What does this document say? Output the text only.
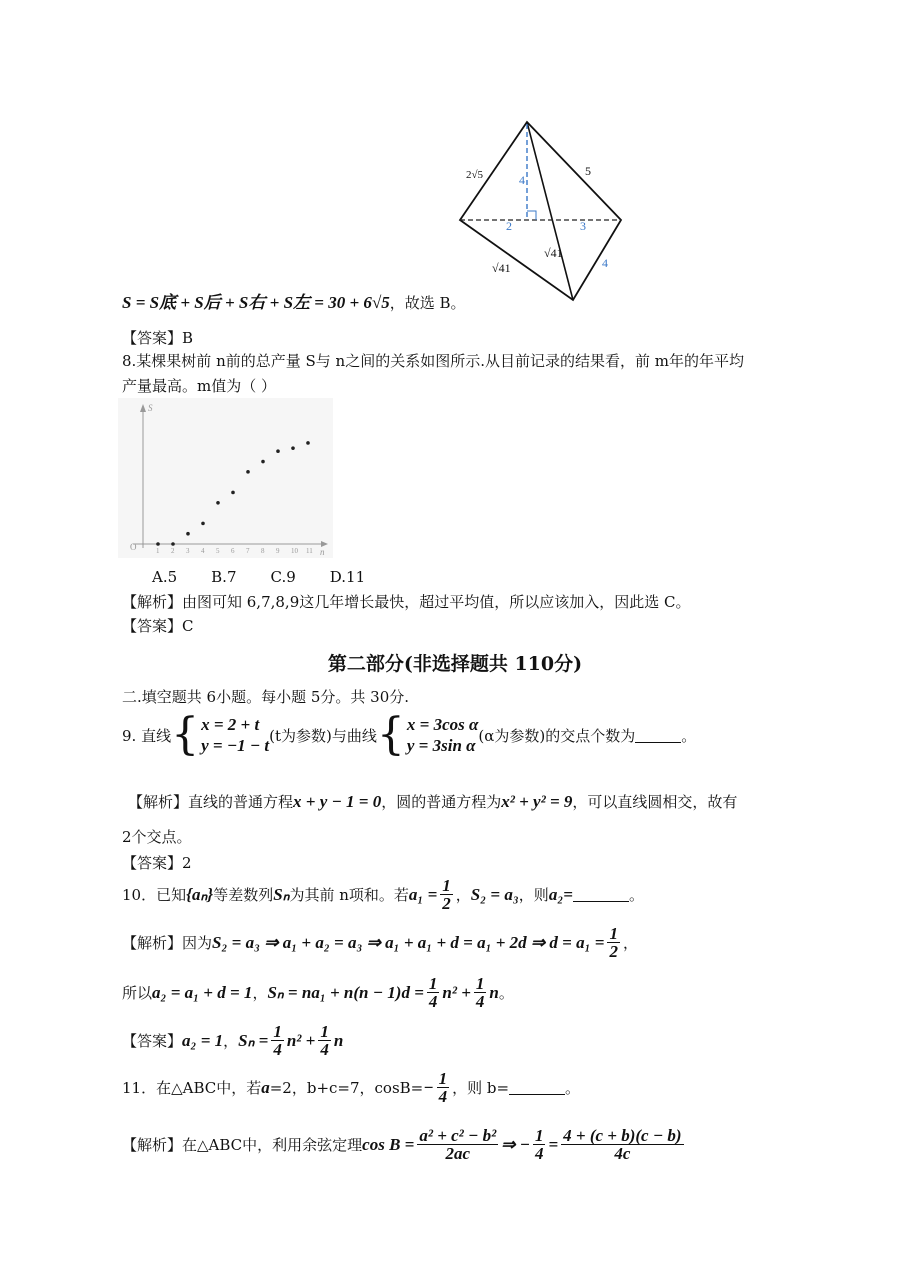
2√5	4
2	3
5
√41
√41	4
S = S底 + S后 + S右 + S左 = 30 + 6√5，故选 B。
【答案】B
8.某棵果树前 n前的总产量 S与 n之间的关系如图所示.从目前记录的结果看，前 m年的年平均
产量最高。m值为（ ）
O
S
n
1 2 3 4 5 6 7 8 9 10 11
A.5 B.7 C.9 D.11
【解析】由图可知 6,7,8,9这几年增长最快，超过平均值，所以应该加入，因此选 C。
【答案】C
第二部分(非选择题共 110分)
二.填空题共 6小题。每小题 5分。共 30分.
9. 直线 { x = 2 + t
y = −1 − t
(t为参数)与曲线 { x = 3cos α
y = 3sin α
(α为参数)的交点个数为	。
【解析】直线的普通方程x + y − 1 = 0，圆的普通方程为x² + y² = 9，可以直线圆相交，故有
2个交点。
【答案】2
10．已知 {aₙ} 等差数列 Sₙ 为其前 n项和。若 $a_1 = \frac{1}{2}$ ， S₂ = a₃ ，则 a₂=	。
【解析】因为 S₂ = a₃ ⇒ a₁ + a₂ = a₃ ⇒ a₁ + a₁ + d = a₁ + 2d ⇒ $d = a_1 = \frac{1}{2}$ ，
所以 a₂ = a₁ + d = 1 ， $S_n = na_1 + n(n - 1)d = \frac{1}{4} n^2 + \frac{1}{4}$ n 。
【答案】 a₂ = 1 ， $S_n = \frac{1}{4} n^2 + \frac{1}{4}$ n
11．在△ABC中，若 a =2，b+c=7，$\cos B= - \frac{1}{4}$ ，则 b=	。
【解析】在△ABC中，利用余弦定理 $\cos B = \frac{\text{a² + c² − b²}}{2ac}$ ⇒ − $\frac{1}{4} = \frac{4 + (c + b)(c - b)}{4c}$
